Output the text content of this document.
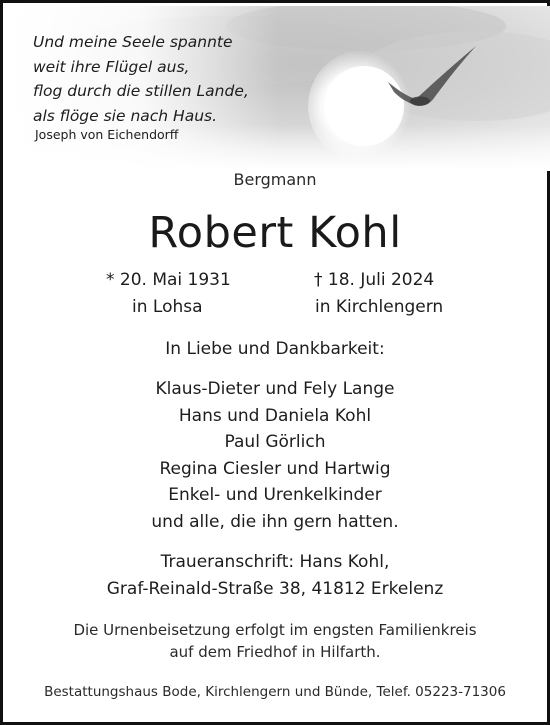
Und meine Seele spannte
weit ihre Flügel aus,
flog durch die stillen Lande,
als flöge sie nach Haus.
Joseph von Eichendorff
Bergmann
Robert Kohl
* 20. Mai 1931
in Lohsa
† 18. Juli 2024
in Kirchlengern
In Liebe und Dankbarkeit:
Klaus-Dieter und Fely Lange
Hans und Daniela Kohl
Paul Görlich
Regina Ciesler und Hartwig
Enkel- und Urenkelkinder
und alle, die ihn gern hatten.
Traueranschrift: Hans Kohl,
Graf-Reinald-Straße 38, 41812 Erkelenz
Die Urnenbeisetzung erfolgt im engsten Familienkreis
auf dem Friedhof in Hilfarth.
Bestattungshaus Bode, Kirchlengern und Bünde, Telef. 05223-71306
